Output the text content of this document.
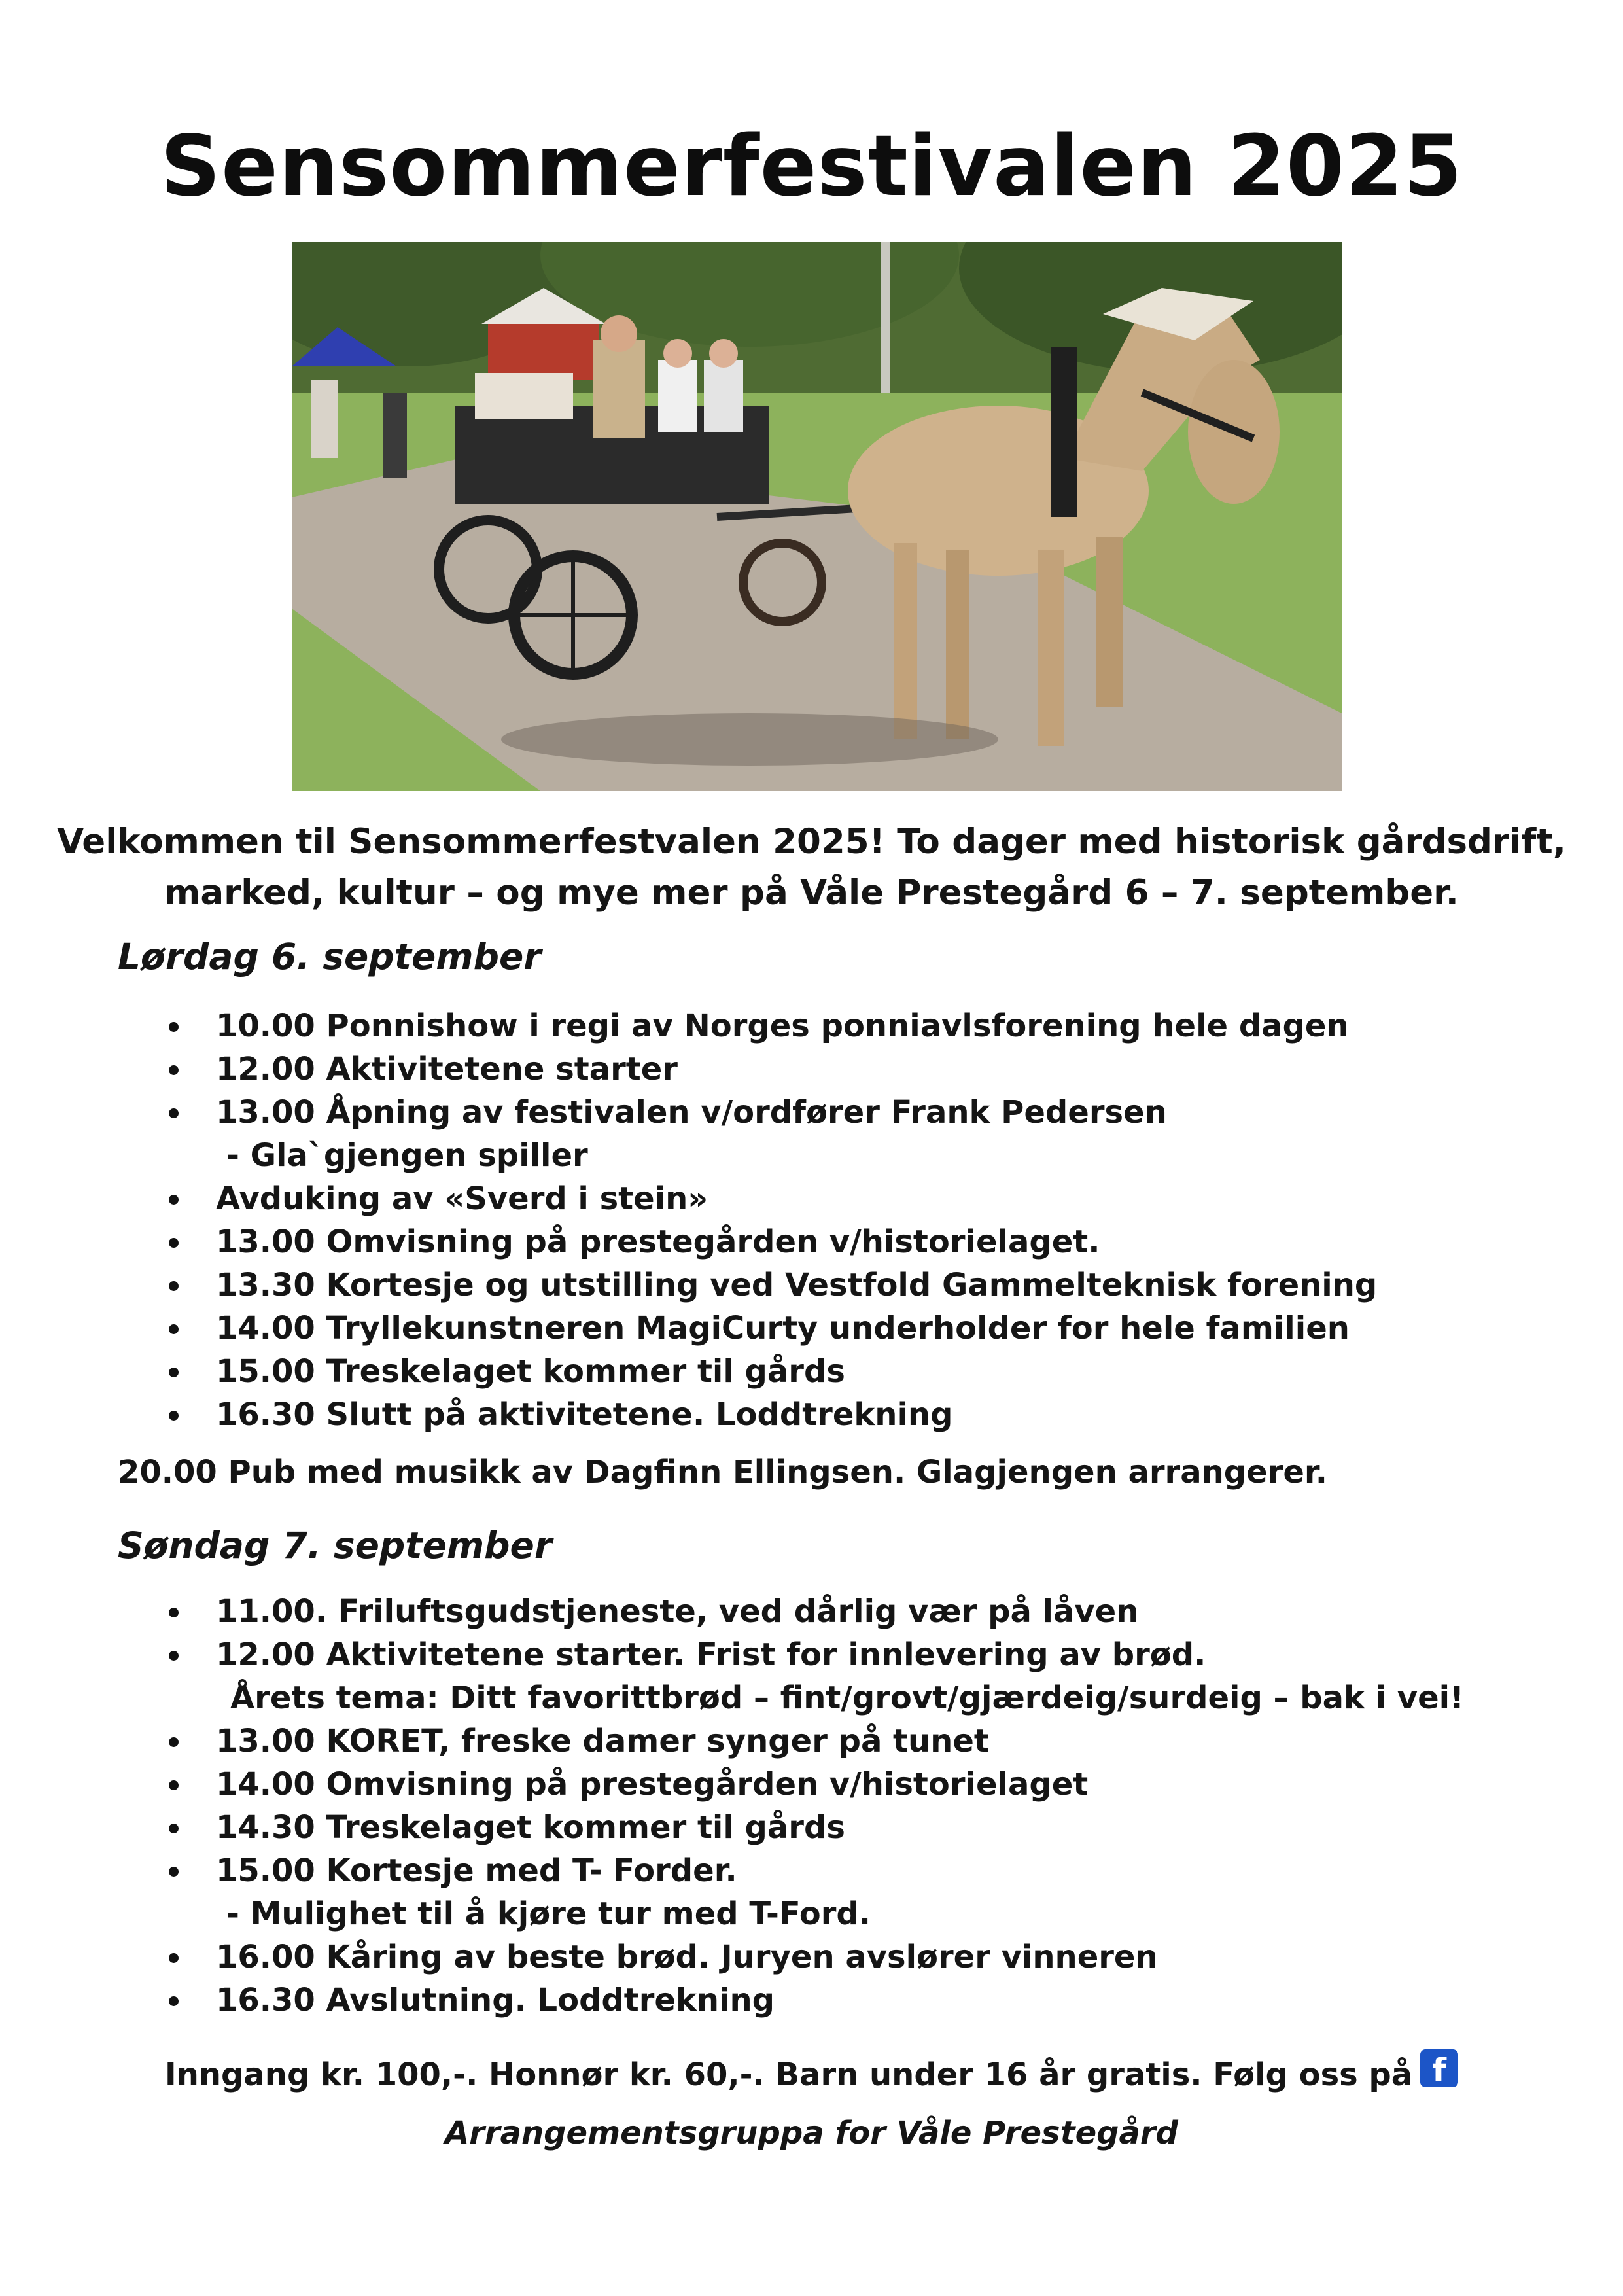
Sensommerfestivalen 2025
Velkommen til Sensommerfestvalen 2025! To dager med historisk gårdsdrift,
marked, kultur – og mye mer på Våle Prestegård 6 – 7. september.
Lørdag 6. september
10.00 Ponnishow i regi av Norges ponniavlsforening hele dagen
12.00 Aktivitetene starter
13.00 Åpning av festivalen v/ordfører Frank Pedersen
- Gla`gjengen spiller
Avduking av «Sverd i stein»
13.00 Omvisning på prestegården v/historielaget.
13.30 Kortesje og utstilling ved Vestfold Gammelteknisk forening
14.00 Tryllekunstneren MagiCurty underholder for hele familien
15.00 Treskelaget kommer til gårds
16.30 Slutt på aktivitetene. Loddtrekning
20.00 Pub med musikk av Dagfinn Ellingsen. Glagjengen arrangerer.
Søndag 7. september
11.00. Friluftsgudstjeneste, ved dårlig vær på låven
12.00 Aktivitetene starter. Frist for innlevering av brød.
Årets tema: Ditt favorittbrød – fint/grovt/gjærdeig/surdeig – bak i vei!
13.00 KORET, freske damer synger på tunet
14.00 Omvisning på prestegården v/historielaget
14.30 Treskelaget kommer til gårds
15.00 Kortesje med T- Forder.
- Mulighet til å kjøre tur med T-Ford.
16.00 Kåring av beste brød. Juryen avslører vinneren
16.30 Avslutning. Loddtrekning
Inngang kr. 100,-. Honnør kr. 60,-. Barn under 16 år gratis. Følg oss på f
Arrangementsgruppa for Våle Prestegård
